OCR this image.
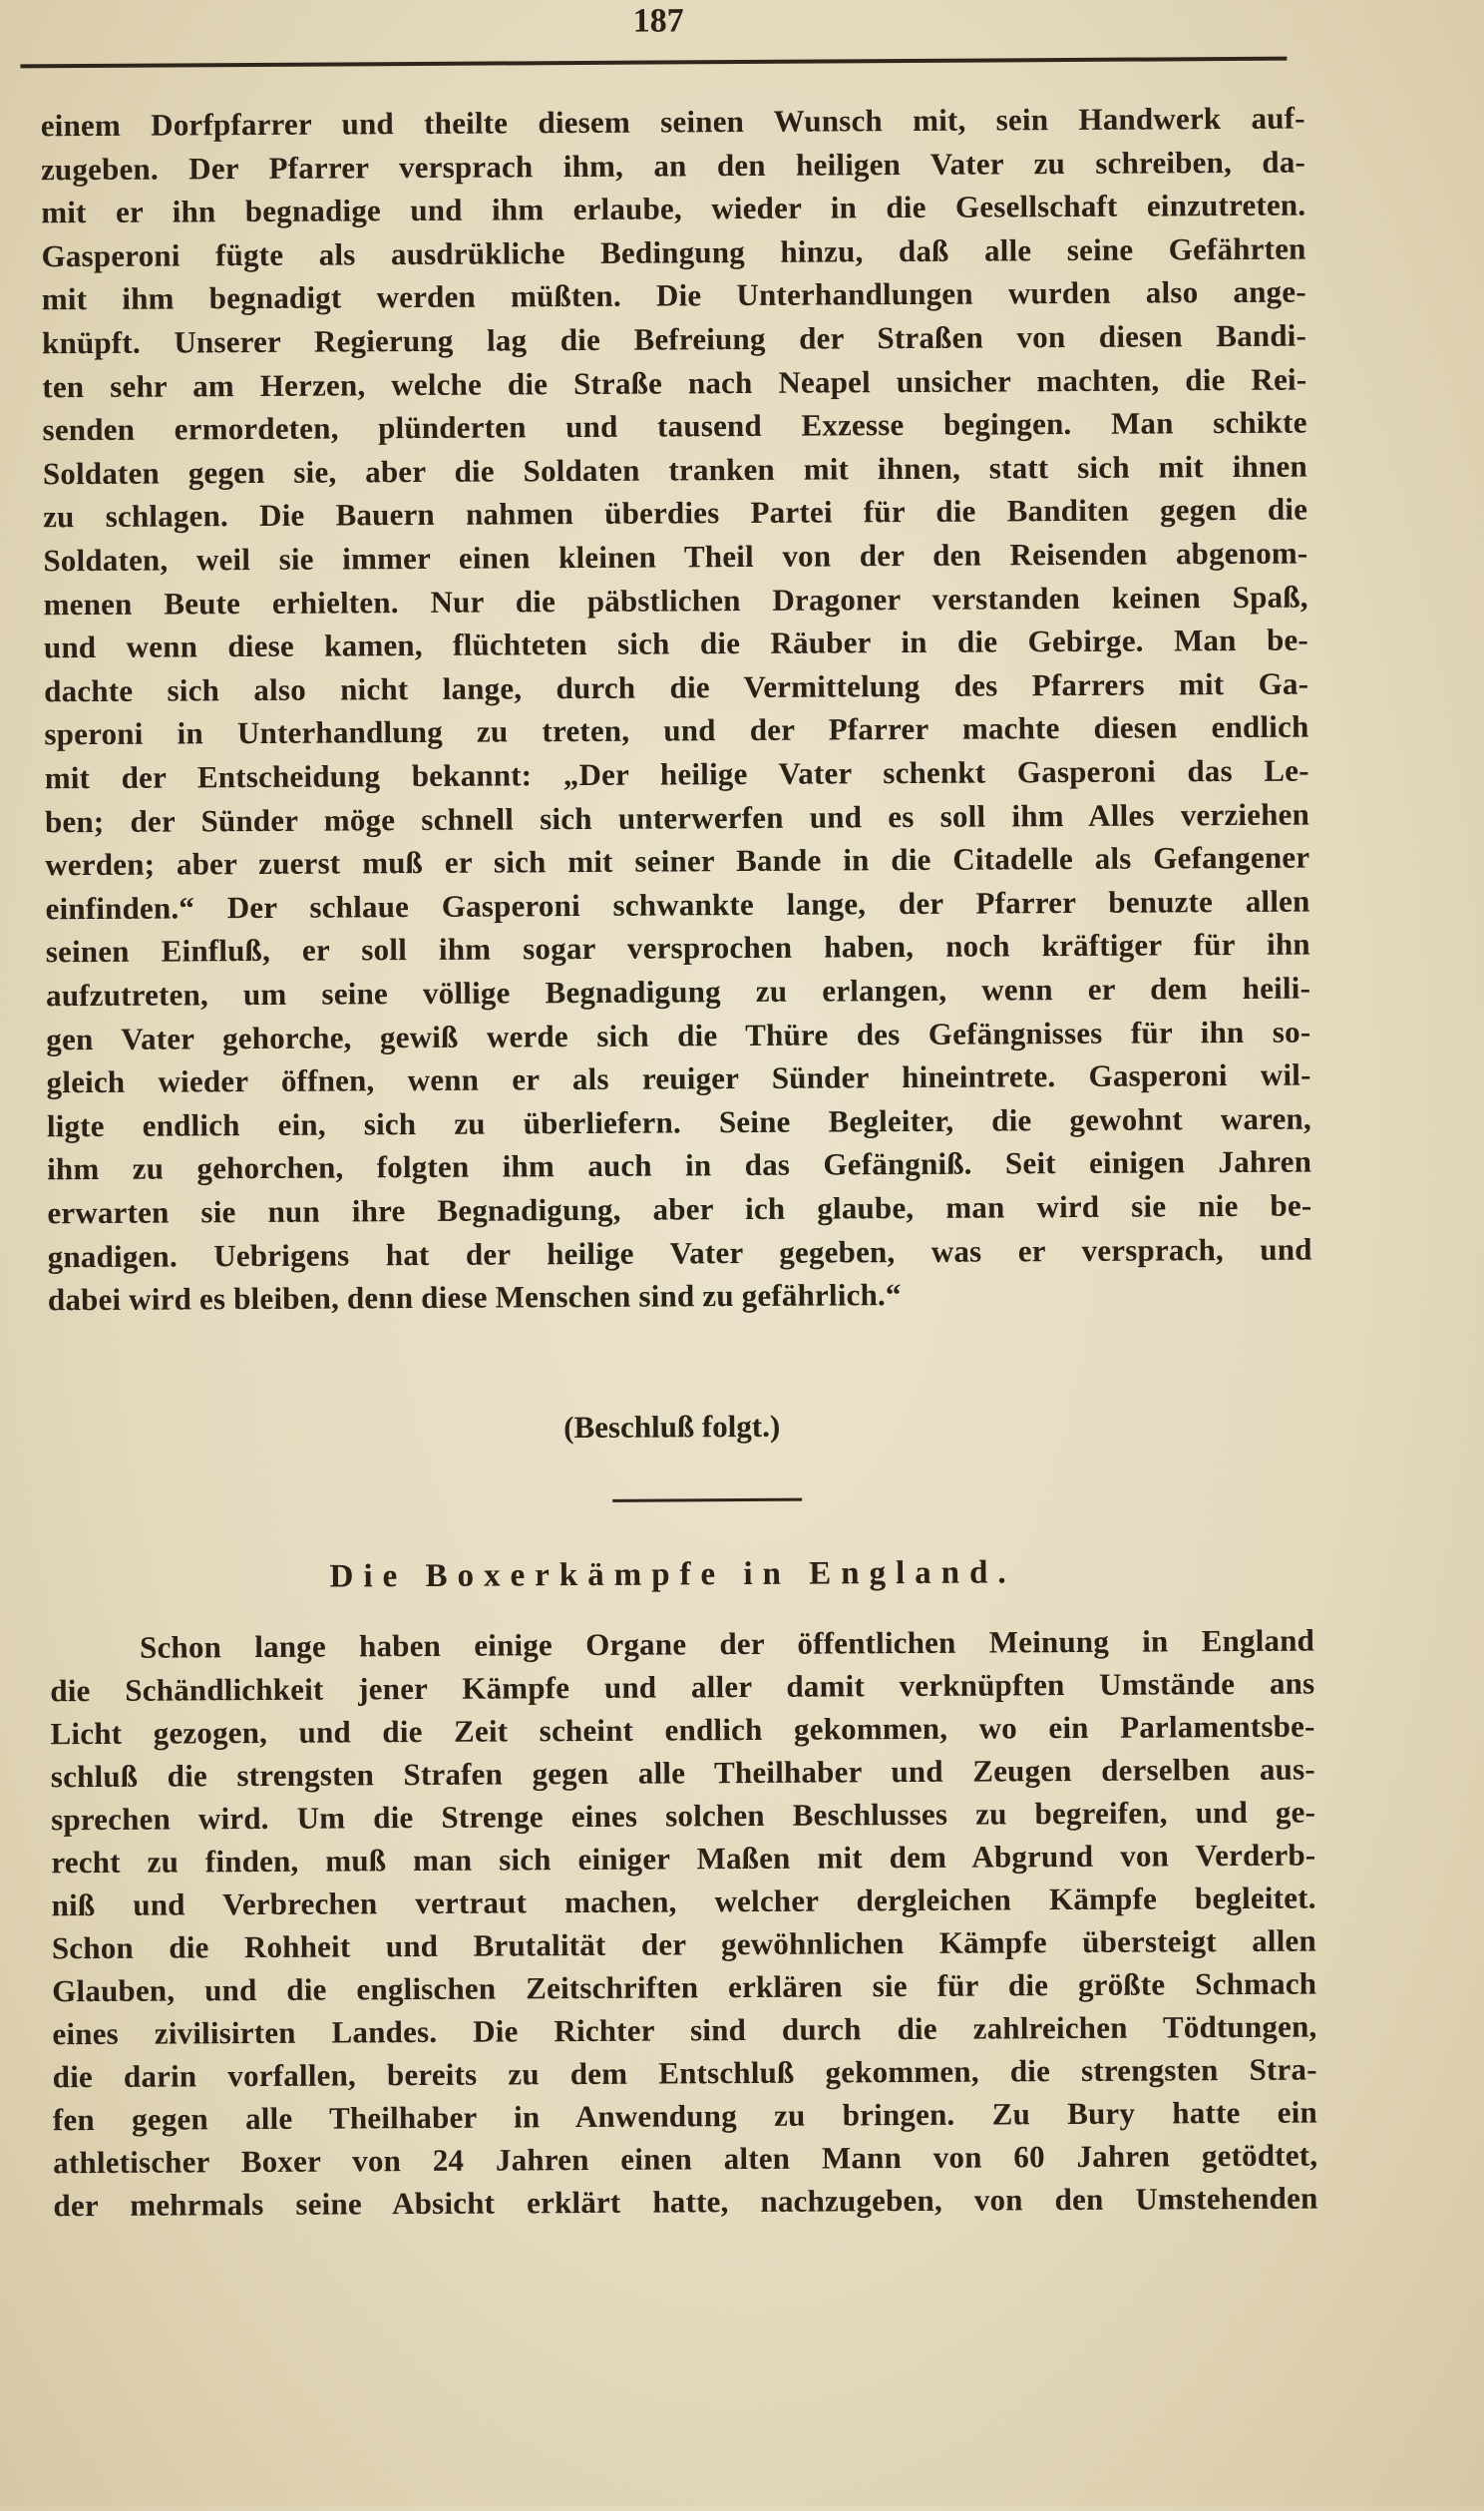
187
einem Dorfpfarrer und theilte diesem seinen Wunsch mit, sein Handwerk auf-
zugeben. Der Pfarrer versprach ihm, an den heiligen Vater zu schreiben, da-
mit er ihn begnadige und ihm erlaube, wieder in die Gesellschaft einzutreten.
Gasperoni fügte als ausdrükliche Bedingung hinzu, daß alle seine Gefährten
mit ihm begnadigt werden müßten. Die Unterhandlungen wurden also ange-
knüpft. Unserer Regierung lag die Befreiung der Straßen von diesen Bandi-
ten sehr am Herzen, welche die Straße nach Neapel unsicher machten, die Rei-
senden ermordeten, plünderten und tausend Exzesse begingen. Man schikte
Soldaten gegen sie, aber die Soldaten tranken mit ihnen, statt sich mit ihnen
zu schlagen. Die Bauern nahmen überdies Partei für die Banditen gegen die
Soldaten, weil sie immer einen kleinen Theil von der den Reisenden abgenom-
menen Beute erhielten. Nur die päbstlichen Dragoner verstanden keinen Spaß,
und wenn diese kamen, flüchteten sich die Räuber in die Gebirge. Man be-
dachte sich also nicht lange, durch die Vermittelung des Pfarrers mit Ga-
speroni in Unterhandlung zu treten, und der Pfarrer machte diesen endlich
mit der Entscheidung bekannt: „Der heilige Vater schenkt Gasperoni das Le-
ben; der Sünder möge schnell sich unterwerfen und es soll ihm Alles verziehen
werden; aber zuerst muß er sich mit seiner Bande in die Citadelle als Gefangener
einfinden.“ Der schlaue Gasperoni schwankte lange, der Pfarrer benuzte allen
seinen Einfluß, er soll ihm sogar versprochen haben, noch kräftiger für ihn
aufzutreten, um seine völlige Begnadigung zu erlangen, wenn er dem heili-
gen Vater gehorche, gewiß werde sich die Thüre des Gefängnisses für ihn so-
gleich wieder öffnen, wenn er als reuiger Sünder hineintrete. Gasperoni wil-
ligte endlich ein, sich zu überliefern. Seine Begleiter, die gewohnt waren,
ihm zu gehorchen, folgten ihm auch in das Gefängniß. Seit einigen Jahren
erwarten sie nun ihre Begnadigung, aber ich glaube, man wird sie nie be-
gnadigen. Uebrigens hat der heilige Vater gegeben, was er versprach, und
dabei wird es bleiben, denn diese Menschen sind zu gefährlich.“
(Beschluß folgt.)
Die Boxerkämpfe in England.
Schon lange haben einige Organe der öffentlichen Meinung in England
die Schändlichkeit jener Kämpfe und aller damit verknüpften Umstände ans
Licht gezogen, und die Zeit scheint endlich gekommen, wo ein Parlamentsbe-
schluß die strengsten Strafen gegen alle Theilhaber und Zeugen derselben aus-
sprechen wird. Um die Strenge eines solchen Beschlusses zu begreifen, und ge-
recht zu finden, muß man sich einiger Maßen mit dem Abgrund von Verderb-
niß und Verbrechen vertraut machen, welcher dergleichen Kämpfe begleitet.
Schon die Rohheit und Brutalität der gewöhnlichen Kämpfe übersteigt allen
Glauben, und die englischen Zeitschriften erklären sie für die größte Schmach
eines zivilisirten Landes. Die Richter sind durch die zahlreichen Tödtungen,
die darin vorfallen, bereits zu dem Entschluß gekommen, die strengsten Stra-
fen gegen alle Theilhaber in Anwendung zu bringen. Zu Bury hatte ein
athletischer Boxer von 24 Jahren einen alten Mann von 60 Jahren getödtet,
der mehrmals seine Absicht erklärt hatte, nachzugeben, von den Umstehenden
